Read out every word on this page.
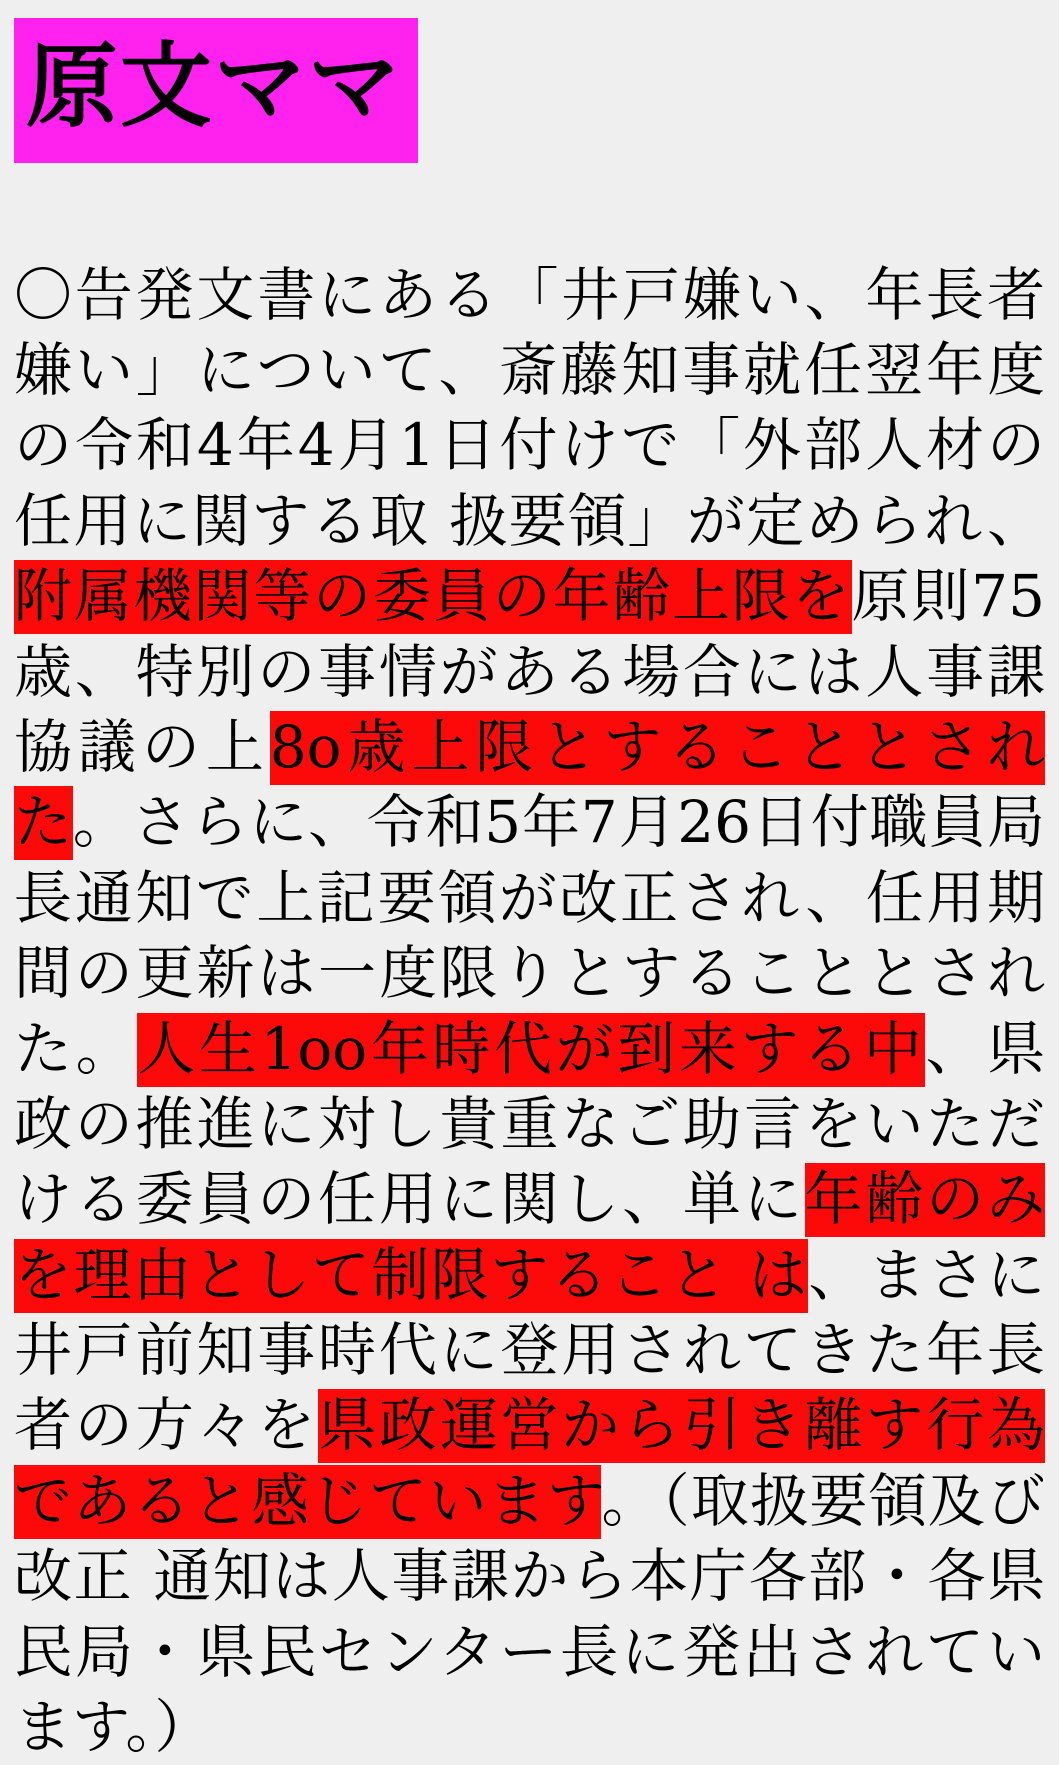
原文ママ

〇告発文書にある「井戸嫌い、年長者嫌い」について、斎藤知事就任翌年度の令和4年4月1日付けで「外部人材の任用に関する取 扱要領」が定められ、附属機関等の委員の年齢上限を原則75歳、特別の事情がある場合には人事課協議の上8o歳上限とすることとされた。さらに、令和5年7月26日付職員局長通知で上記要領が改正され、任用期間の更新は一度限りとすることとされた。人生1oo年時代が到来する中、県政の推進に対し貴重なご助言をいただける委員の任用に関し、単に年齢のみを理由として制限すること は、まさに井戸前知事時代に登用されてきた年長者の方々を県政運営から引き離す行為であると感じています。（取扱要領及び改正 通知は人事課から本庁各部・各県民局・県民センター長に発出されています。）
